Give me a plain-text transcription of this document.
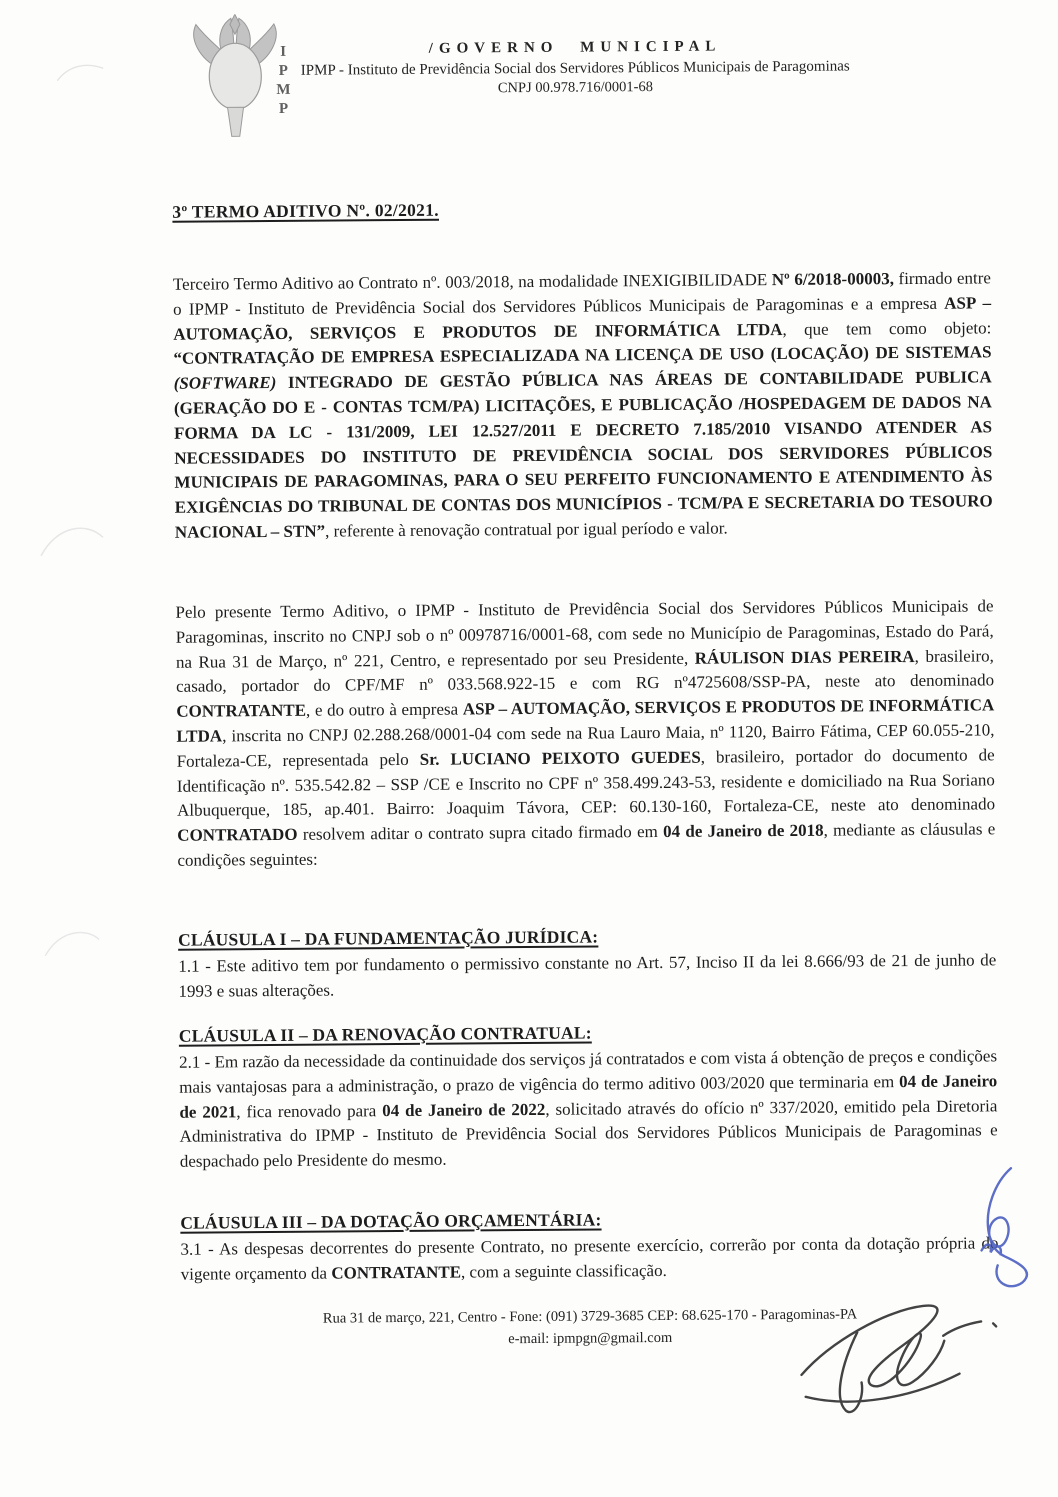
IPMP	/GOVERNO MUNICIPAL
IPMP - Instituto de Previdência Social dos Servidores Públicos Municipais de Paragominas
CNPJ 00.978.716/0001-68
3º TERMO ADITIVO Nº. 02/2021.
Terceiro Termo Aditivo ao Contrato nº. 003/2018, na modalidade INEXIGIBILIDADE Nº 6/2018-00003, firmado entre o IPMP - Instituto de Previdência Social dos Servidores Públicos Municipais de Paragominas e a empresa ASP – AUTOMAÇÃO, SERVIÇOS E PRODUTOS DE INFORMÁTICA LTDA, que tem como objeto: “CONTRATAÇÃO DE EMPRESA ESPECIALIZADA NA LICENÇA DE USO (LOCAÇÃO) DE SISTEMAS (SOFTWARE) INTEGRADO DE GESTÃO PÚBLICA NAS ÁREAS DE CONTABILIDADE PUBLICA (GERAÇÃO DO E - CONTAS TCM/PA) LICITAÇÕES, E PUBLICAÇÃO /HOSPEDAGEM DE DADOS NA FORMA DA LC - 131/2009, LEI 12.527/2011 E DECRETO 7.185/2010 VISANDO ATENDER AS NECESSIDADES DO INSTITUTO DE PREVIDÊNCIA SOCIAL DOS SERVIDORES PÚBLICOS MUNICIPAIS DE PARAGOMINAS, PARA O SEU PERFEITO FUNCIONAMENTO E ATENDIMENTO ÀS EXIGÊNCIAS DO TRIBUNAL DE CONTAS DOS MUNICÍPIOS - TCM/PA E SECRETARIA DO TESOURO NACIONAL – STN”, referente à renovação contratual por igual período e valor.
Pelo presente Termo Aditivo, o IPMP - Instituto de Previdência Social dos Servidores Públicos Municipais de Paragominas, inscrito no CNPJ sob o nº 00978716/0001-68, com sede no Município de Paragominas, Estado do Pará, na Rua 31 de Março, nº 221, Centro, e representado por seu Presidente, RÁULISON DIAS PEREIRA, brasileiro, casado, portador do CPF/MF nº 033.568.922-15 e com RG nº4725608/SSP-PA, neste ato denominado CONTRATANTE, e do outro à empresa ASP – AUTOMAÇÃO, SERVIÇOS E PRODUTOS DE INFORMÁTICA LTDA, inscrita no CNPJ 02.288.268/0001-04 com sede na Rua Lauro Maia, nº 1120, Bairro Fátima, CEP 60.055-210, Fortaleza-CE, representada pelo Sr. LUCIANO PEIXOTO GUEDES, brasileiro, portador do documento de Identificação nº. 535.542.82 – SSP /CE e Inscrito no CPF nº 358.499.243-53, residente e domiciliado na Rua Soriano Albuquerque, 185, ap.401. Bairro: Joaquim Távora, CEP: 60.130-160, Fortaleza-CE, neste ato denominado CONTRATADO resolvem aditar o contrato supra citado firmado em 04 de Janeiro de 2018, mediante as cláusulas e condições seguintes:
CLÁUSULA I – DA FUNDAMENTAÇÃO JURÍDICA:
1.1 - Este aditivo tem por fundamento o permissivo constante no Art. 57, Inciso II da lei 8.666/93 de 21 de junho de 1993 e suas alterações.
CLÁUSULA II – DA RENOVAÇÃO CONTRATUAL:
2.1 - Em razão da necessidade da continuidade dos serviços já contratados e com vista á obtenção de preços e condições mais vantajosas para a administração, o prazo de vigência do termo aditivo 003/2020 que terminaria em 04 de Janeiro de 2021, fica renovado para 04 de Janeiro de 2022, solicitado através do ofício nº 337/2020, emitido pela Diretoria Administrativa do IPMP - Instituto de Previdência Social dos Servidores Públicos Municipais de Paragominas e despachado pelo Presidente do mesmo.
CLÁUSULA III – DA DOTAÇÃO ORÇAMENTÁRIA:
3.1 - As despesas decorrentes do presente Contrato, no presente exercício, correrão por conta da dotação própria do vigente orçamento da CONTRATANTE, com a seguinte classificação.
Rua 31 de março, 221, Centro - Fone: (091) 3729-3685 CEP: 68.625-170 - Paragominas-PA
e-mail: ipmpgn@gmail.com
